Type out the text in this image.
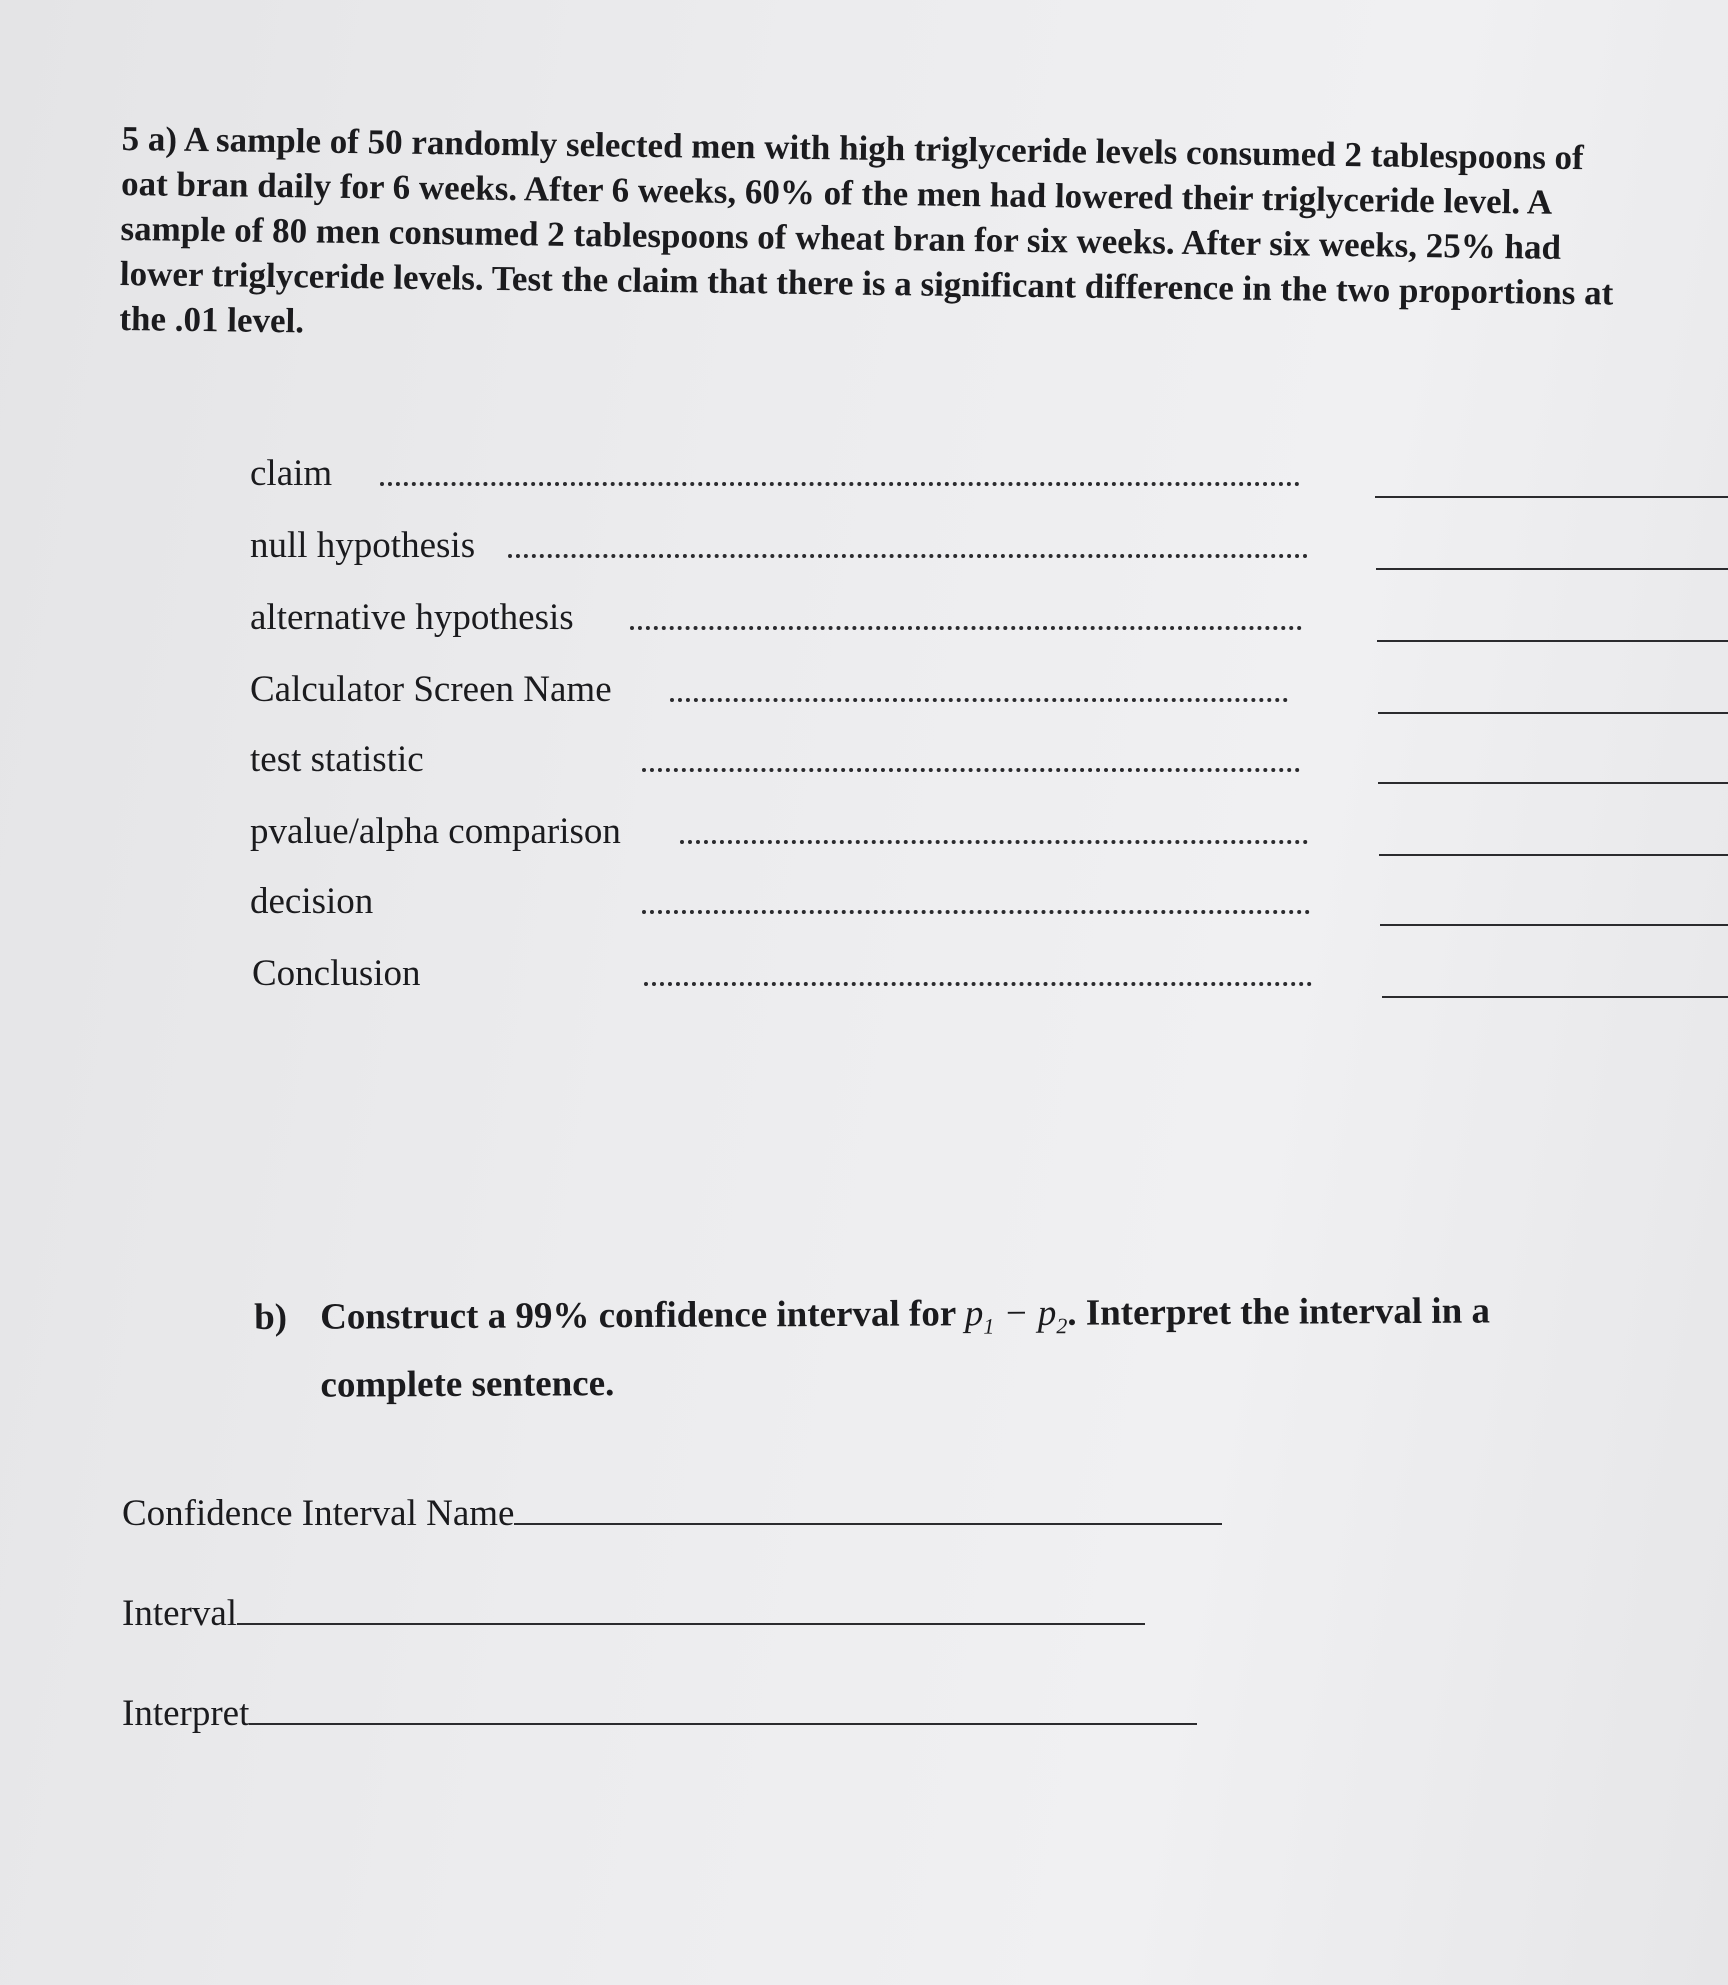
5 a) A sample of 50 randomly selected men with high triglyceride levels consumed 2 tablespoons of oat bran daily for 6 weeks. After 6 weeks, 60% of the men had lowered their triglyceride level. A sample of 80 men consumed 2 tablespoons of wheat bran for six weeks. After six weeks, 25% had lower triglyceride levels. Test the claim that there is a significant difference in the two proportions at the .01 level.

claim
null hypothesis
alternative hypothesis
Calculator Screen Name
test statistic
pvalue/alpha comparison
decision
Conclusion
b) Construct a 99% confidence interval for $p_1 - p_2$. Interpret the interval in a complete sentence.
Confidence Interval Name
Interval
Interpret
